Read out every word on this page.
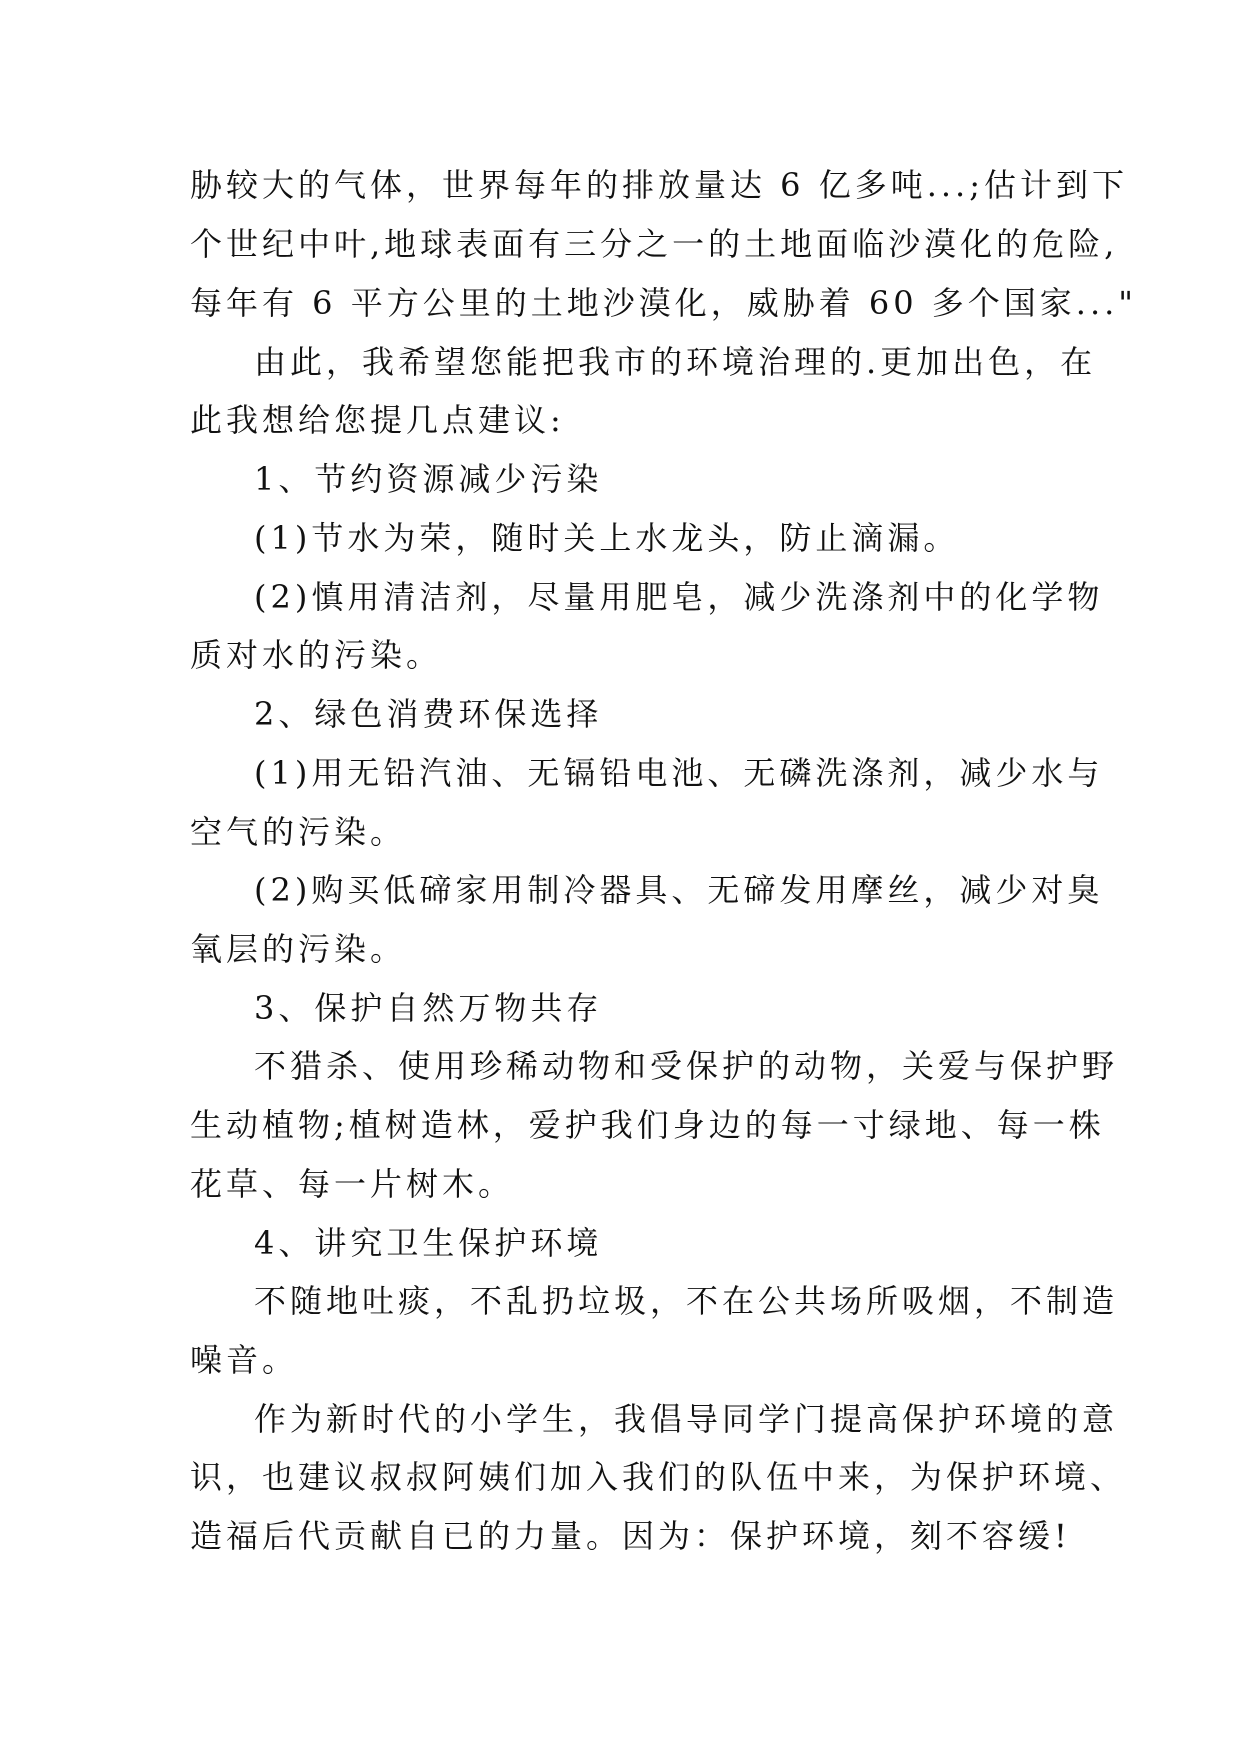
胁较大的气体，世界每年的排放量达 6 亿多吨...;估计到下
个世纪中叶,地球表面有三分之一的土地面临沙漠化的危险,
每年有 6 平方公里的土地沙漠化，威胁着 60 多个国家..."
由此，我希望您能把我市的环境治理的.更加出色，在
此我想给您提几点建议:
1、节约资源减少污染
(1)节水为荣，随时关上水龙头，防止滴漏。
(2)慎用清洁剂，尽量用肥皂，减少洗涤剂中的化学物
质对水的污染。
2、绿色消费环保选择
(1)用无铅汽油、无镉铅电池、无磷洗涤剂，减少水与
空气的污染。
(2)购买低碲家用制冷器具、无碲发用摩丝，减少对臭
氧层的污染。
3、保护自然万物共存
不猎杀、使用珍稀动物和受保护的动物，关爱与保护野
生动植物;植树造林，爱护我们身边的每一寸绿地、每一株
花草、每一片树木。
4、讲究卫生保护环境
不随地吐痰，不乱扔垃圾，不在公共场所吸烟，不制造
噪音。
作为新时代的小学生，我倡导同学门提高保护环境的意
识，也建议叔叔阿姨们加入我们的队伍中来，为保护环境、
造福后代贡献自已的力量。因为：保护环境，刻不容缓!
